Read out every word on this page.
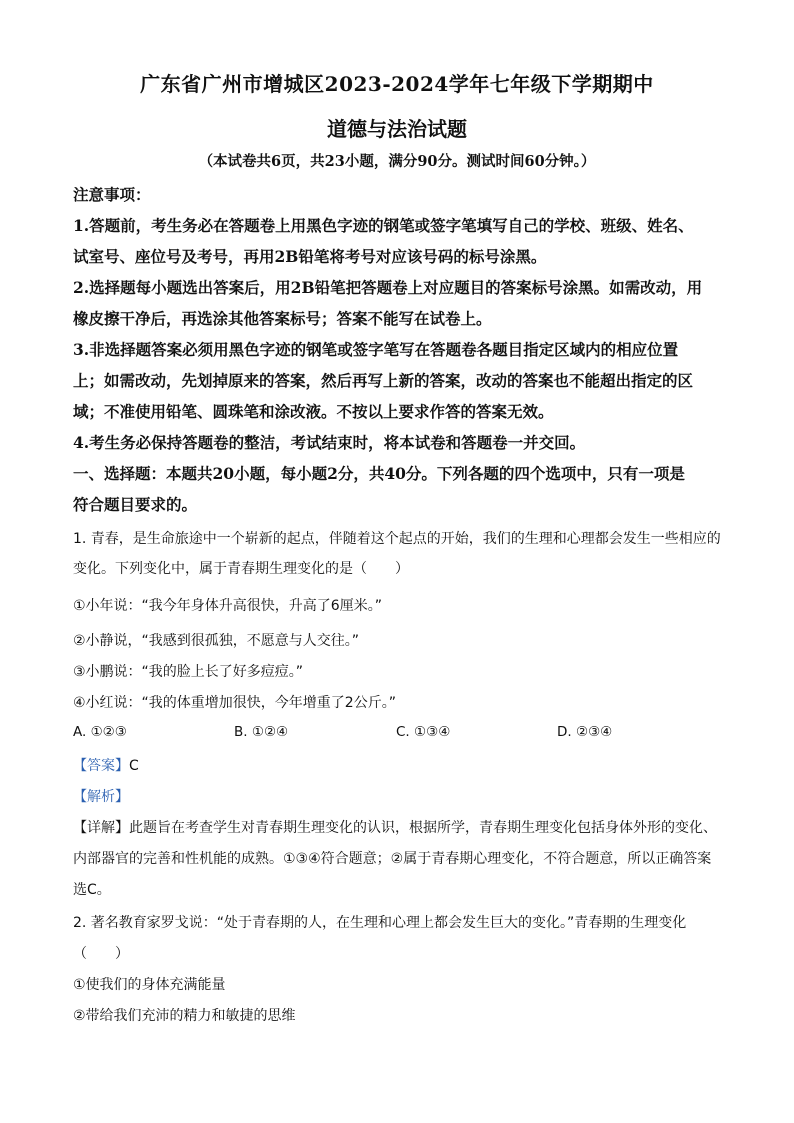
广东省广州市增城区2023-2024学年七年级下学期期中
道德与法治试题
（本试卷共6页，共23小题，满分90分。测试时间60分钟。）
注意事项：
1.答题前，考生务必在答题卷上用黑色字迹的钢笔或签字笔填写自己的学校、班级、姓名、
试室号、座位号及考号，再用2B铅笔将考号对应该号码的标号涂黑。
2.选择题每小题选出答案后，用2B铅笔把答题卷上对应题目的答案标号涂黑。如需改动，用
橡皮擦干净后，再选涂其他答案标号；答案不能写在试卷上。
3.非选择题答案必须用黑色字迹的钢笔或签字笔写在答题卷各题目指定区域内的相应位置
上；如需改动，先划掉原来的答案，然后再写上新的答案，改动的答案也不能超出指定的区
域；不准使用铅笔、圆珠笔和涂改液。不按以上要求作答的答案无效。
4.考生务必保持答题卷的整洁，考试结束时，将本试卷和答题卷一并交回。
一、选择题：本题共20小题，每小题2分，共40分。下列各题的四个选项中，只有一项是
符合题目要求的。
1. 青春，是生命旅途中一个崭新的起点，伴随着这个起点的开始，我们的生理和心理都会发生一些相应的
变化。下列变化中，属于青春期生理变化的是（　　）
①小年说：“我今年身体升高很快，升高了6厘米。”
②小静说，“我感到很孤独，不愿意与人交往。”
③小鹏说：“我的脸上长了好多痘痘。”
④小红说：“我的体重增加很快，今年增重了2公斤。”
A. ①②③	B. ①②④	C. ①③④	D. ②③④
【答案】C
【解析】
【详解】此题旨在考查学生对青春期生理变化的认识，根据所学，青春期生理变化包括身体外形的变化、
内部器官的完善和性机能的成熟。①③④符合题意；②属于青春期心理变化，不符合题意，所以正确答案
选C。
2. 著名教育家罗戈说：“处于青春期的人，在生理和心理上都会发生巨大的变化。”青春期的生理变化
（　　）
①使我们的身体充满能量
②带给我们充沛的精力和敏捷的思维
